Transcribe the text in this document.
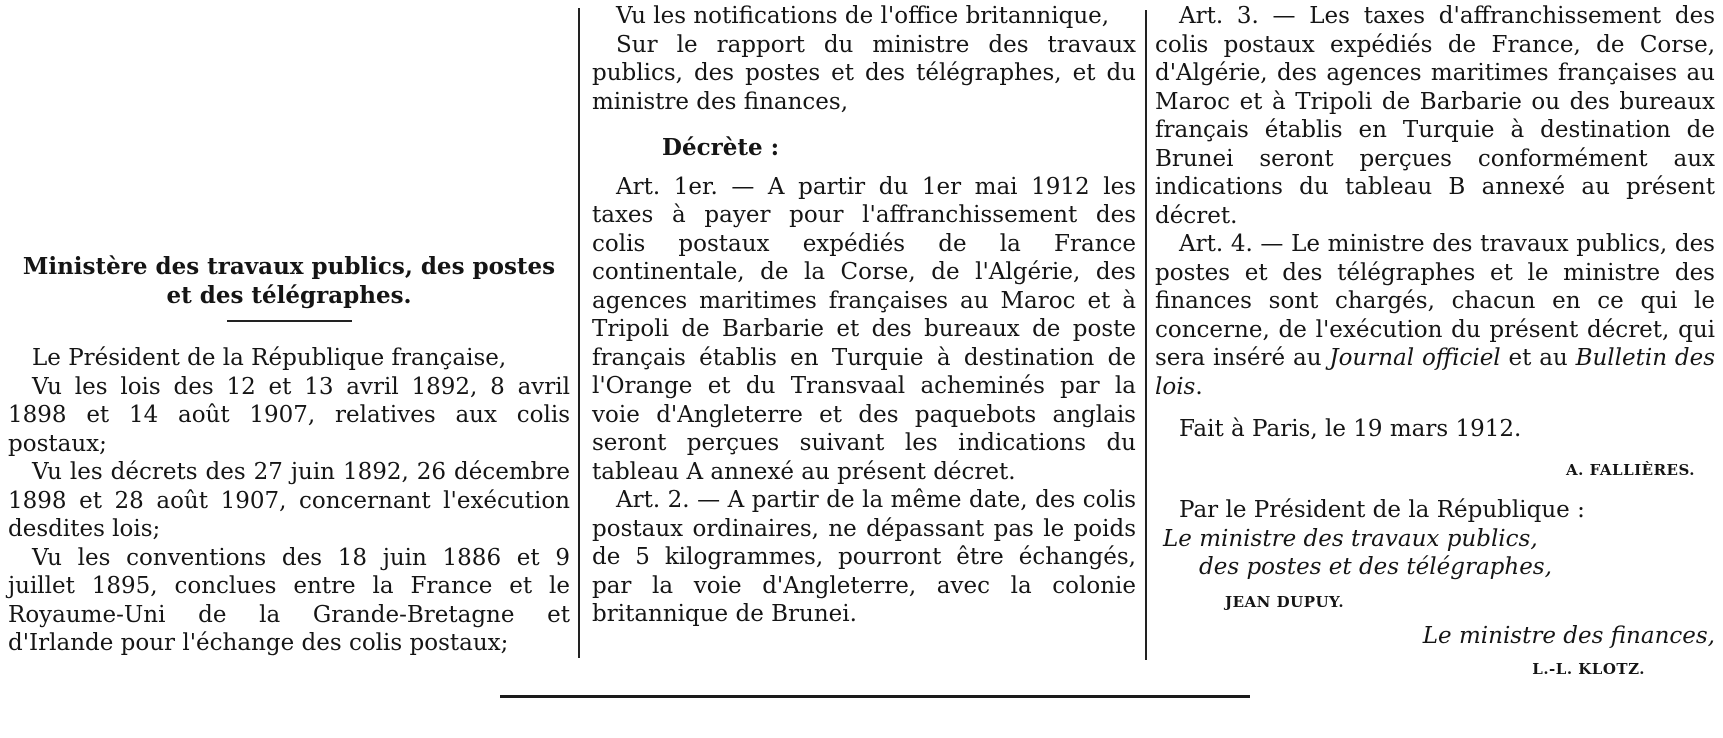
Ministère des travaux publics, des postes et des télégraphes.

Le Président de la République française,

Vu les lois des 12 et 13 avril 1892, 8 avril 1898 et 14 août 1907, relatives aux colis postaux;

Vu les décrets des 27 juin 1892, 26 décembre 1898 et 28 août 1907, concernant l'exécution desdites lois;

Vu les conventions des 18 juin 1886 et 9 juillet 1895, conclues entre la France et le Royaume-Uni de la Grande-Bretagne et d'Irlande pour l'échange des colis postaux;

Vu les notifications de l'office britannique,

Sur le rapport du ministre des travaux publics, des postes et des télégraphes, et du ministre des finances,

Décrète :

Art. 1er. — A partir du 1er mai 1912 les taxes à payer pour l'affranchissement des colis postaux expédiés de la France continentale, de la Corse, de l'Algérie, des agences maritimes françaises au Maroc et à Tripoli de Barbarie et des bureaux de poste français établis en Turquie à destination de l'Orange et du Transvaal acheminés par la voie d'Angleterre et des paquebots anglais seront perçues suivant les indications du tableau A annexé au présent décret.

Art. 2. — A partir de la même date, des colis postaux ordinaires, ne dépassant pas le poids de 5 kilogrammes, pourront être échangés, par la voie d'Angleterre, avec la colonie britannique de Brunei.

Art. 3. — Les taxes d'affranchissement des colis postaux expédiés de France, de Corse, d'Algérie, des agences maritimes françaises au Maroc et à Tripoli de Barbarie ou des bureaux français établis en Turquie à destination de Brunei seront perçues conformément aux indications du tableau B annexé au présent décret.

Art. 4. — Le ministre des travaux publics, des postes et des télégraphes et le ministre des finances sont chargés, chacun en ce qui le concerne, de l'exécution du présent décret, qui sera inséré au Journal officiel et au Bulletin des lois.

Fait à Paris, le 19 mars 1912.

A. FALLIÈRES.

Par le Président de la République :

Le ministre des travaux publics,

des postes et des télégraphes,

JEAN DUPUY.

Le ministre des finances,

L.-L. KLOTZ.
